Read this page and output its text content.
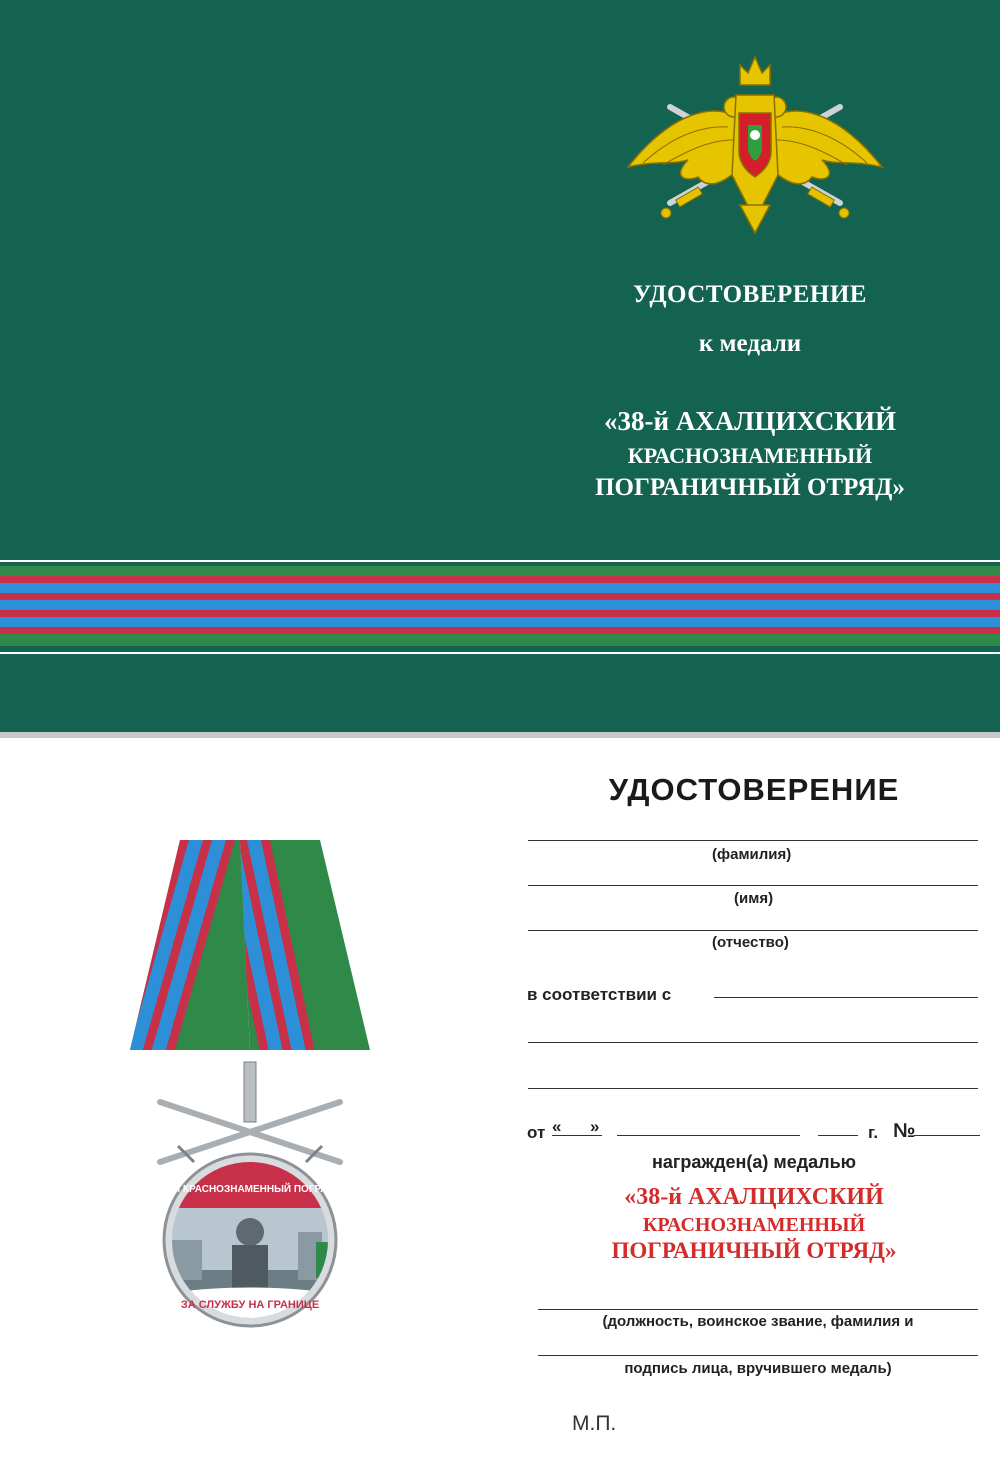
УДОСТОВЕРЕНИЕ
к медали
«38-й АХАЛЦИХСКИЙ
КРАСНОЗНАМЕННЫЙ
ПОГРАНИЧНЫЙ ОТРЯД»
38 АХАЛЦИХСКИЙ КРАСНОЗНАМЕННЫЙ ПОГРАНИЧНЫЙ ОТРЯД
ЗА СЛУЖБУ НА ГРАНИЦЕ
УДОСТОВЕРЕНИЕ
(фамилия)
(имя)
(отчество)
в соответствии с
от « »	г. №
награжден(а) медалью
«38-й АХАЛЦИХСКИЙ
КРАСНОЗНАМЕННЫЙ
ПОГРАНИЧНЫЙ ОТРЯД»
(должность, воинское звание, фамилия и
подпись лица, вручившего медаль)
М.П.
